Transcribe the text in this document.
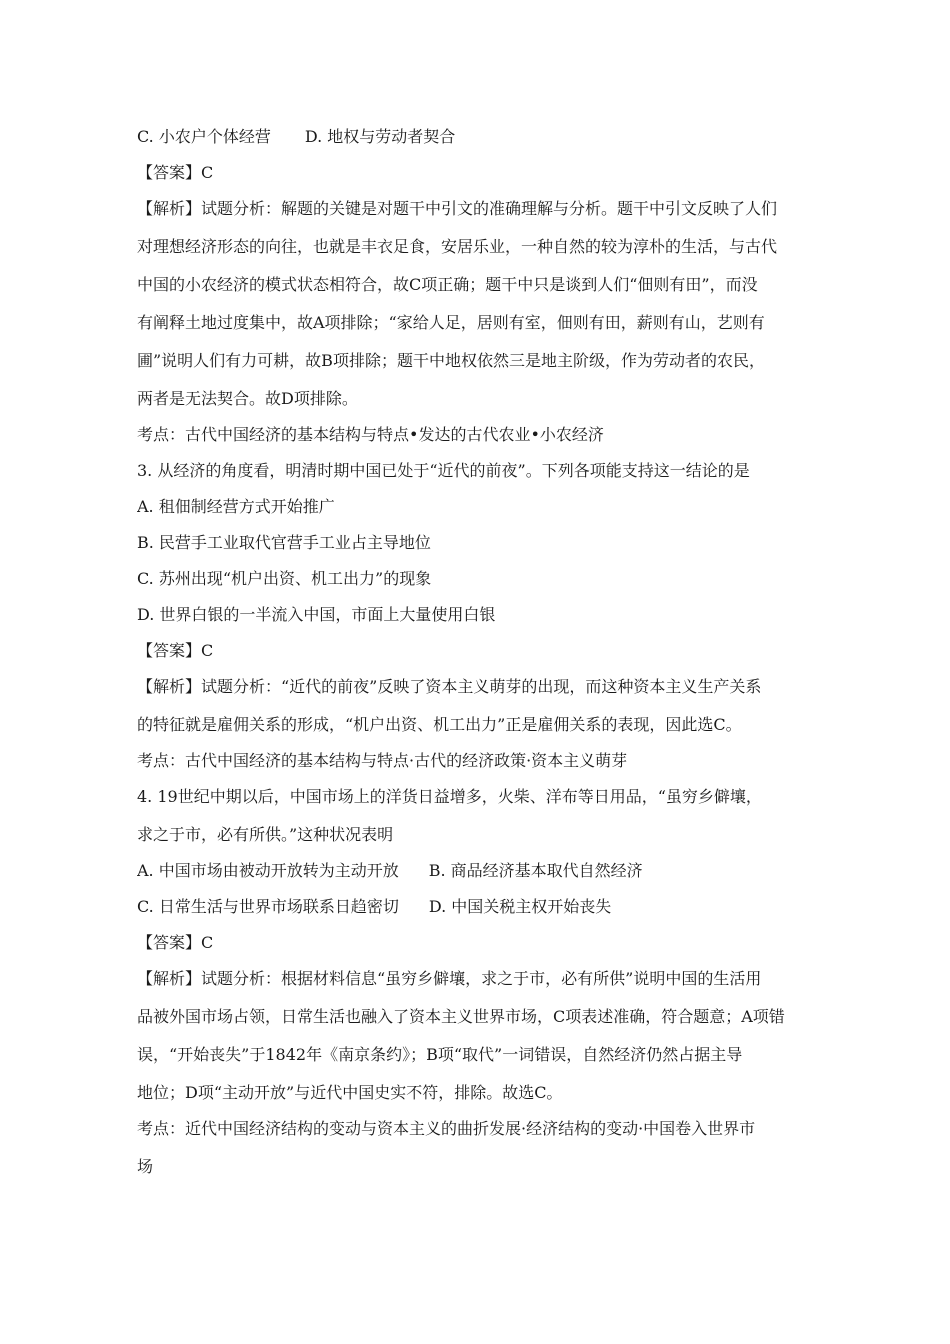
C. 小农户个体经营 D. 地权与劳动者契合
【答案】C
【解析】试题分析：解题的关键是对题干中引文的准确理解与分析。题干中引文反映了人们
对理想经济形态的向往，也就是丰衣足食，安居乐业，一种自然的较为淳朴的生活，与古代
中国的小农经济的模式状态相符合，故C项正确；题干中只是谈到人们“佃则有田”，而没
有阐释土地过度集中，故A项排除；“家给人足，居则有室，佃则有田，薪则有山，艺则有
圃”说明人们有力可耕，故B项排除；题干中地权依然三是地主阶级，作为劳动者的农民，
两者是无法契合。故D项排除。
考点：古代中国经济的基本结构与特点•发达的古代农业•小农经济
3. 从经济的角度看，明清时期中国已处于“近代的前夜”。下列各项能支持这一结论的是
A. 租佃制经营方式开始推广
B. 民营手工业取代官营手工业占主导地位
C. 苏州出现“机户出资、机工出力”的现象
D. 世界白银的一半流入中国，市面上大量使用白银
【答案】C
【解析】试题分析：“近代的前夜”反映了资本主义萌芽的出现，而这种资本主义生产关系
的特征就是雇佣关系的形成，“机户出资、机工出力”正是雇佣关系的表现，因此选C。
考点：古代中国经济的基本结构与特点·古代的经济政策·资本主义萌芽
4. 19世纪中期以后，中国市场上的洋货日益增多，火柴、洋布等日用品，“虽穷乡僻壤，
求之于市，必有所供。”这种状况表明
A. 中国市场由被动开放转为主动开放 B. 商品经济基本取代自然经济
C. 日常生活与世界市场联系日趋密切 D. 中国关税主权开始丧失
【答案】C
【解析】试题分析：根据材料信息“虽穷乡僻壤，求之于市，必有所供”说明中国的生活用
品被外国市场占领，日常生活也融入了资本主义世界市场，C项表述准确，符合题意；A项错
误，“开始丧失”于1842年《南京条约》；B项“取代”一词错误，自然经济仍然占据主导
地位；D项“主动开放”与近代中国史实不符，排除。故选C。
考点：近代中国经济结构的变动与资本主义的曲折发展·经济结构的变动·中国卷入世界市
场
